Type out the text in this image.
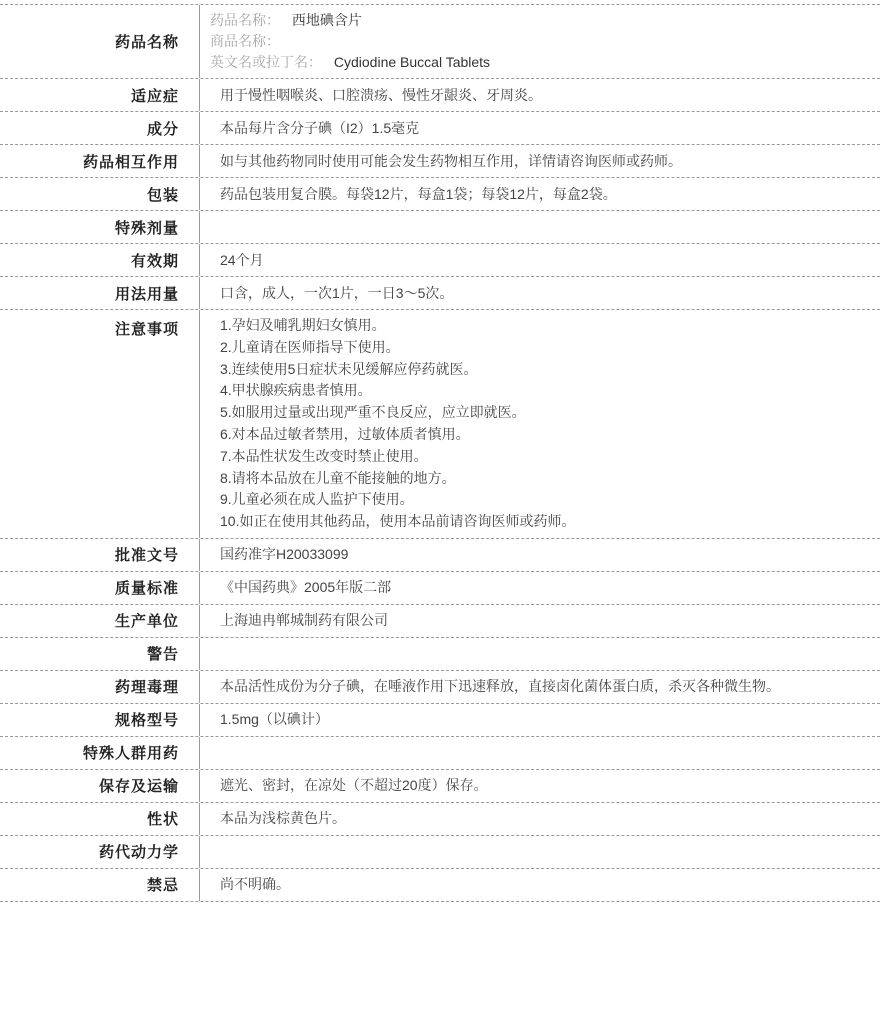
药品名称
药品名称： 西地碘含片
商品名称：
英文名或拉丁名： Cydiodine Buccal Tablets
适应症	用于慢性咽喉炎、口腔溃疡、慢性牙龈炎、牙周炎。
成分	本品每片含分子碘（I2）1.5毫克
药品相互作用	如与其他药物同时使用可能会发生药物相互作用，详情请咨询医师或药师。
包装	药品包装用复合膜。每袋12片，每盒1袋；每袋12片，每盒2袋。
特殊剂量
有效期	24个月
用法用量	口含，成人，一次1片，一日3～5次。
注意事项	1.孕妇及哺乳期妇女慎用。
2.儿童请在医师指导下使用。
3.连续使用5日症状未见缓解应停药就医。
4.甲状腺疾病患者慎用。
5.如服用过量或出现严重不良反应，应立即就医。
6.对本品过敏者禁用，过敏体质者慎用。
7.本品性状发生改变时禁止使用。
8.请将本品放在儿童不能接触的地方。
9.儿童必须在成人监护下使用。
10.如正在使用其他药品，使用本品前请咨询医师或药师。
批准文号	国药准字H20033099
质量标准	《中国药典》2005年版二部
生产单位	上海迪冉郸城制药有限公司
警告
药理毒理	本品活性成份为分子碘，在唾液作用下迅速释放，直接卤化菌体蛋白质，杀灭各种微生物。
规格型号	1.5mg（以碘计）
特殊人群用药
保存及运输	遮光、密封，在凉处（不超过20度）保存。
性状	本品为浅棕黄色片。
药代动力学
禁忌	尚不明确。
